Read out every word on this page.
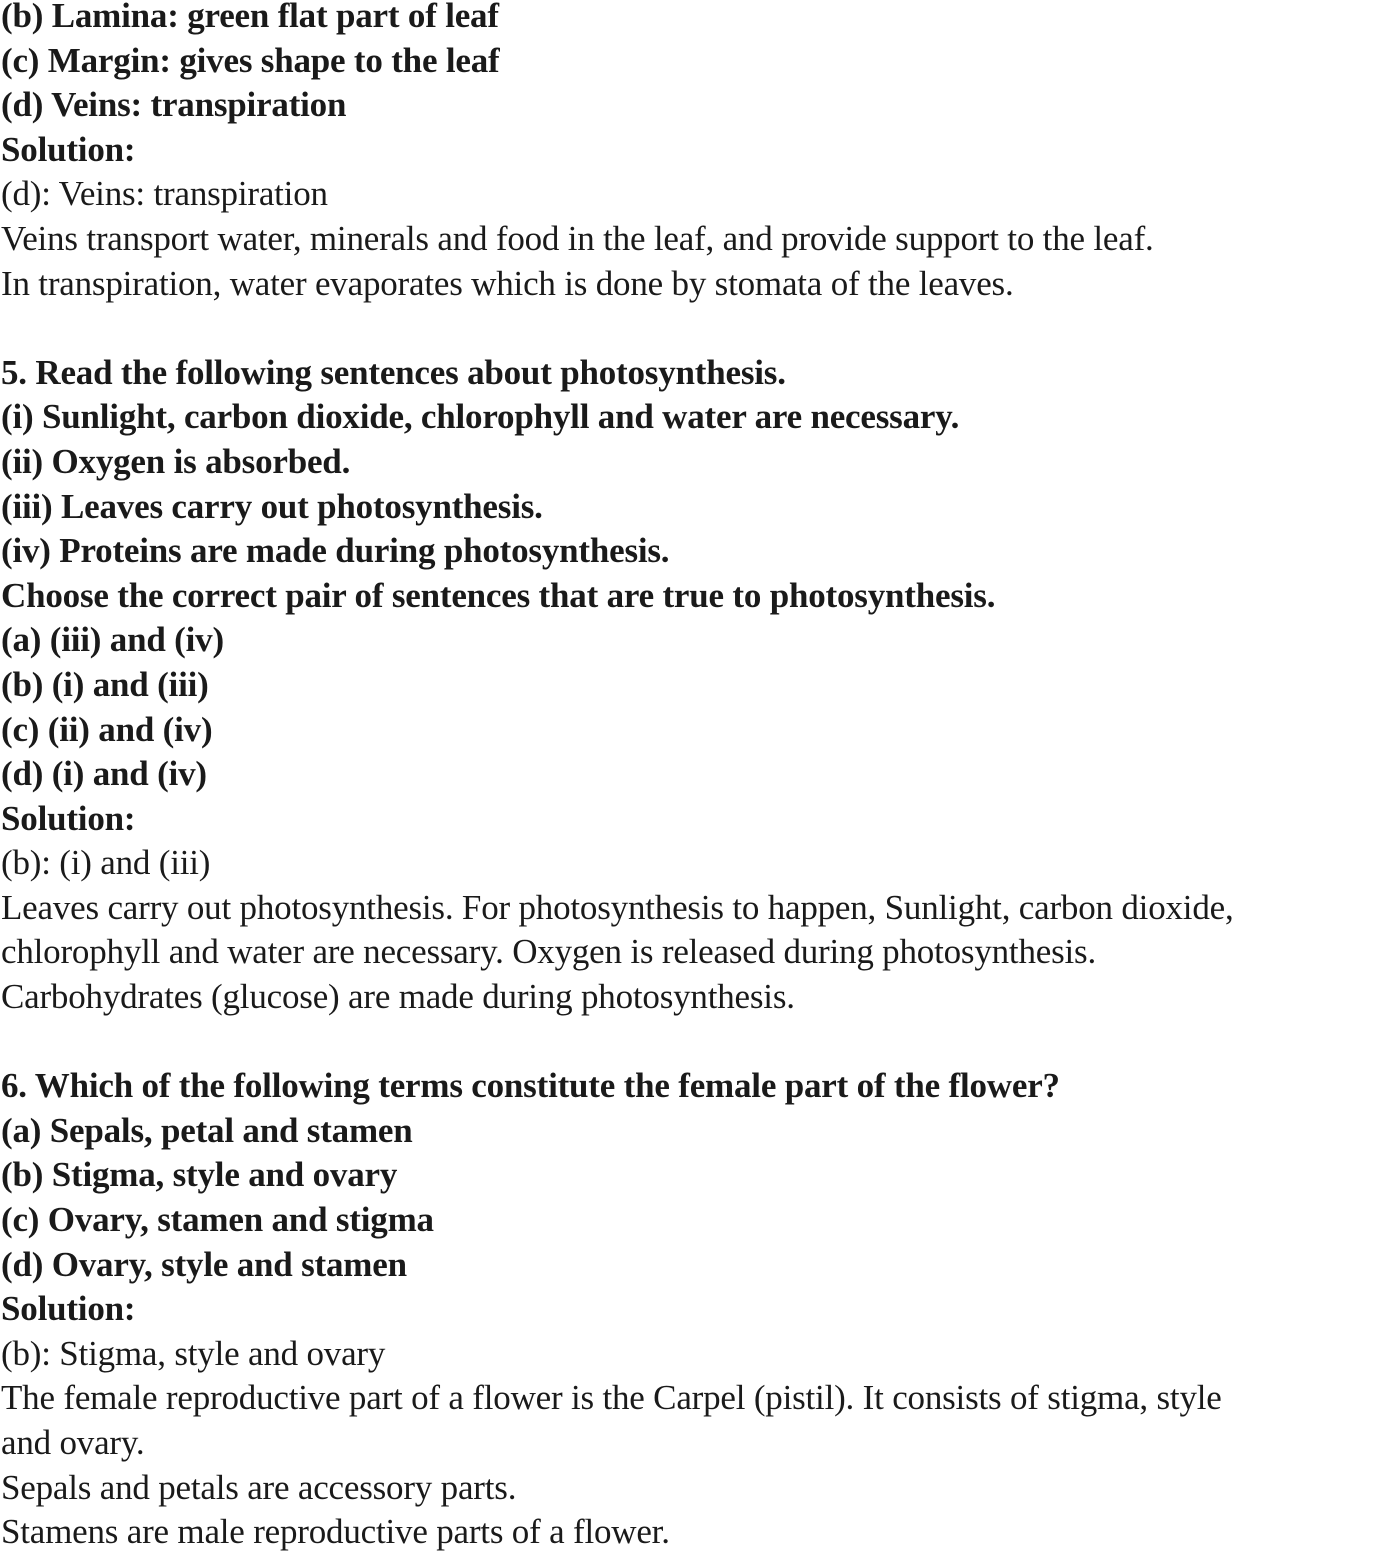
(b) Lamina: green flat part of leaf
(c) Margin: gives shape to the leaf
(d) Veins: transpiration
Solution:
(d): Veins: transpiration
Veins transport water, minerals and food in the leaf, and provide support to the leaf.
In transpiration, water evaporates which is done by stomata of the leaves.
5. Read the following sentences about photosynthesis.
(i) Sunlight, carbon dioxide, chlorophyll and water are necessary.
(ii) Oxygen is absorbed.
(iii) Leaves carry out photosynthesis.
(iv) Proteins are made during photosynthesis.
Choose the correct pair of sentences that are true to photosynthesis.
(a) (iii) and (iv)
(b) (i) and (iii)
(c) (ii) and (iv)
(d) (i) and (iv)
Solution:
(b): (i) and (iii)
Leaves carry out photosynthesis. For photosynthesis to happen, Sunlight, carbon dioxide,
chlorophyll and water are necessary. Oxygen is released during photosynthesis.
Carbohydrates (glucose) are made during photosynthesis.
6. Which of the following terms constitute the female part of the flower?
(a) Sepals, petal and stamen
(b) Stigma, style and ovary
(c) Ovary, stamen and stigma
(d) Ovary, style and stamen
Solution:
(b): Stigma, style and ovary
The female reproductive part of a flower is the Carpel (pistil). It consists of stigma, style
and ovary.
Sepals and petals are accessory parts.
Stamens are male reproductive parts of a flower.
